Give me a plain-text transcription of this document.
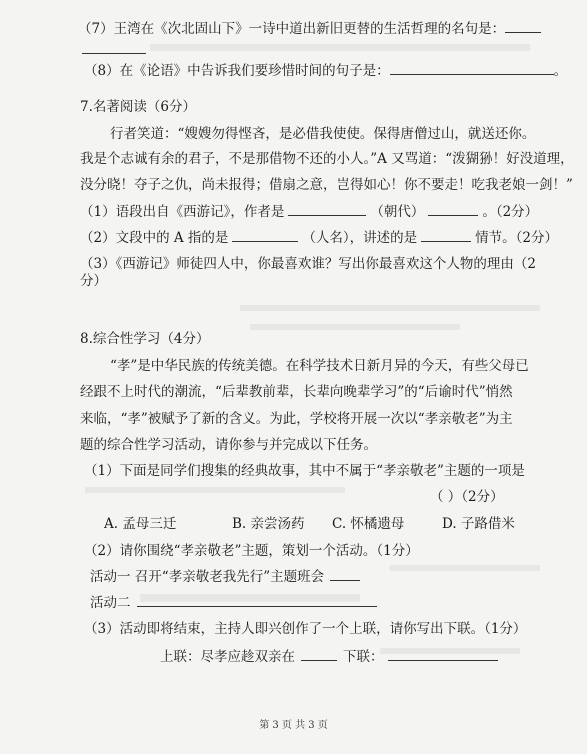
（7）王湾在《次北固山下》一诗中道出新旧更替的生活哲理的名句是：
（8）在《论语》中告诉我们要珍惜时间的句子是：	。
7.名著阅读（6分）
行者笑道：“嫂嫂勿得悭吝，是必借我使使。保得唐僧过山，就送还你。
我是个志诚有余的君子，不是那借物不还的小人。”A 又骂道：“泼猢狲！好没道理，
没分晓！夺子之仇，尚未报得；借扇之意，岂得如心！你不要走！吃我老娘一剑！”
（1）语段出自《西游记》，作者是	（朝代）	。（2分）
（2）文段中的 A 指的是	（人名），讲述的是	情节。（2分）
（3）《西游记》师徒四人中，你最喜欢谁？写出你最喜欢这个人物的理由（2
分）
8.综合性学习（4分）
“孝”是中华民族的传统美德。在科学技术日新月异的今天，有些父母已
经跟不上时代的潮流，“后辈教前辈，长辈向晚辈学习”的“后谕时代”悄然
来临，“孝”被赋予了新的含义。为此，学校将开展一次以“孝亲敬老”为主
题的综合性学习活动，请你参与并完成以下任务。
（1）下面是同学们搜集的经典故事，其中不属于“孝亲敬老”主题的一项是
（ ）（2分）
A. 孟母三迁	B. 亲尝汤药 C. 怀橘遗母	D. 子路借米
（2）请你围绕“孝亲敬老”主题，策划一个活动。（1分）
活动一 召开“孝亲敬老我先行”主题班会
活动二
（3）活动即将结束，主持人即兴创作了一个上联，请你写出下联。（1分）
上联：尽孝应趁双亲在	下联：
第 3 页 共 3 页
